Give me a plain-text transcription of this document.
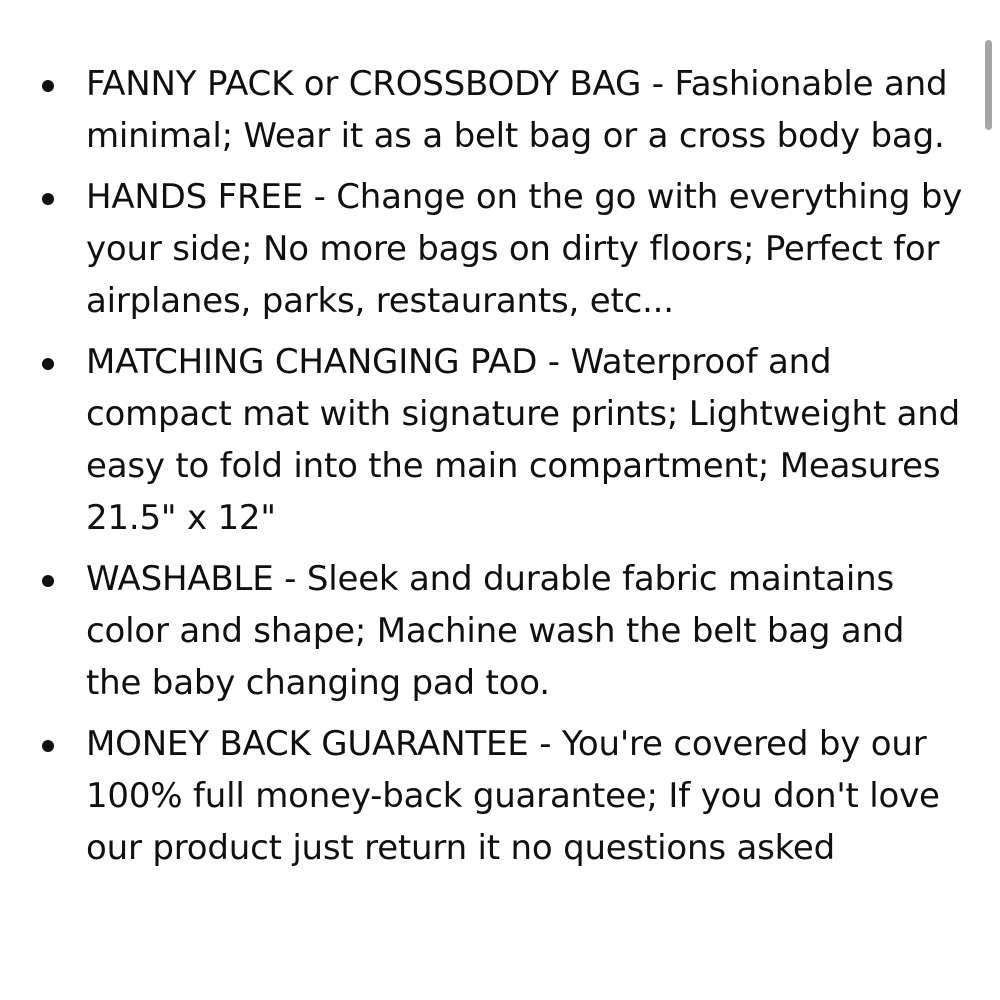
FANNY PACK or CROSSBODY BAG - Fashionable and minimal; Wear it as a belt bag or a cross body bag.
HANDS FREE - Change on the go with everything by your side; No more bags on dirty floors; Perfect for airplanes, parks, restaurants, etc...
MATCHING CHANGING PAD - Waterproof and compact mat with signature prints; Lightweight and easy to fold into the main compartment; Measures 21.5" x 12"
WASHABLE - Sleek and durable fabric maintains color and shape; Machine wash the belt bag and the baby changing pad too.
MONEY BACK GUARANTEE - You're covered by our 100% full money-back guarantee; If you don't love our product just return it no questions asked
